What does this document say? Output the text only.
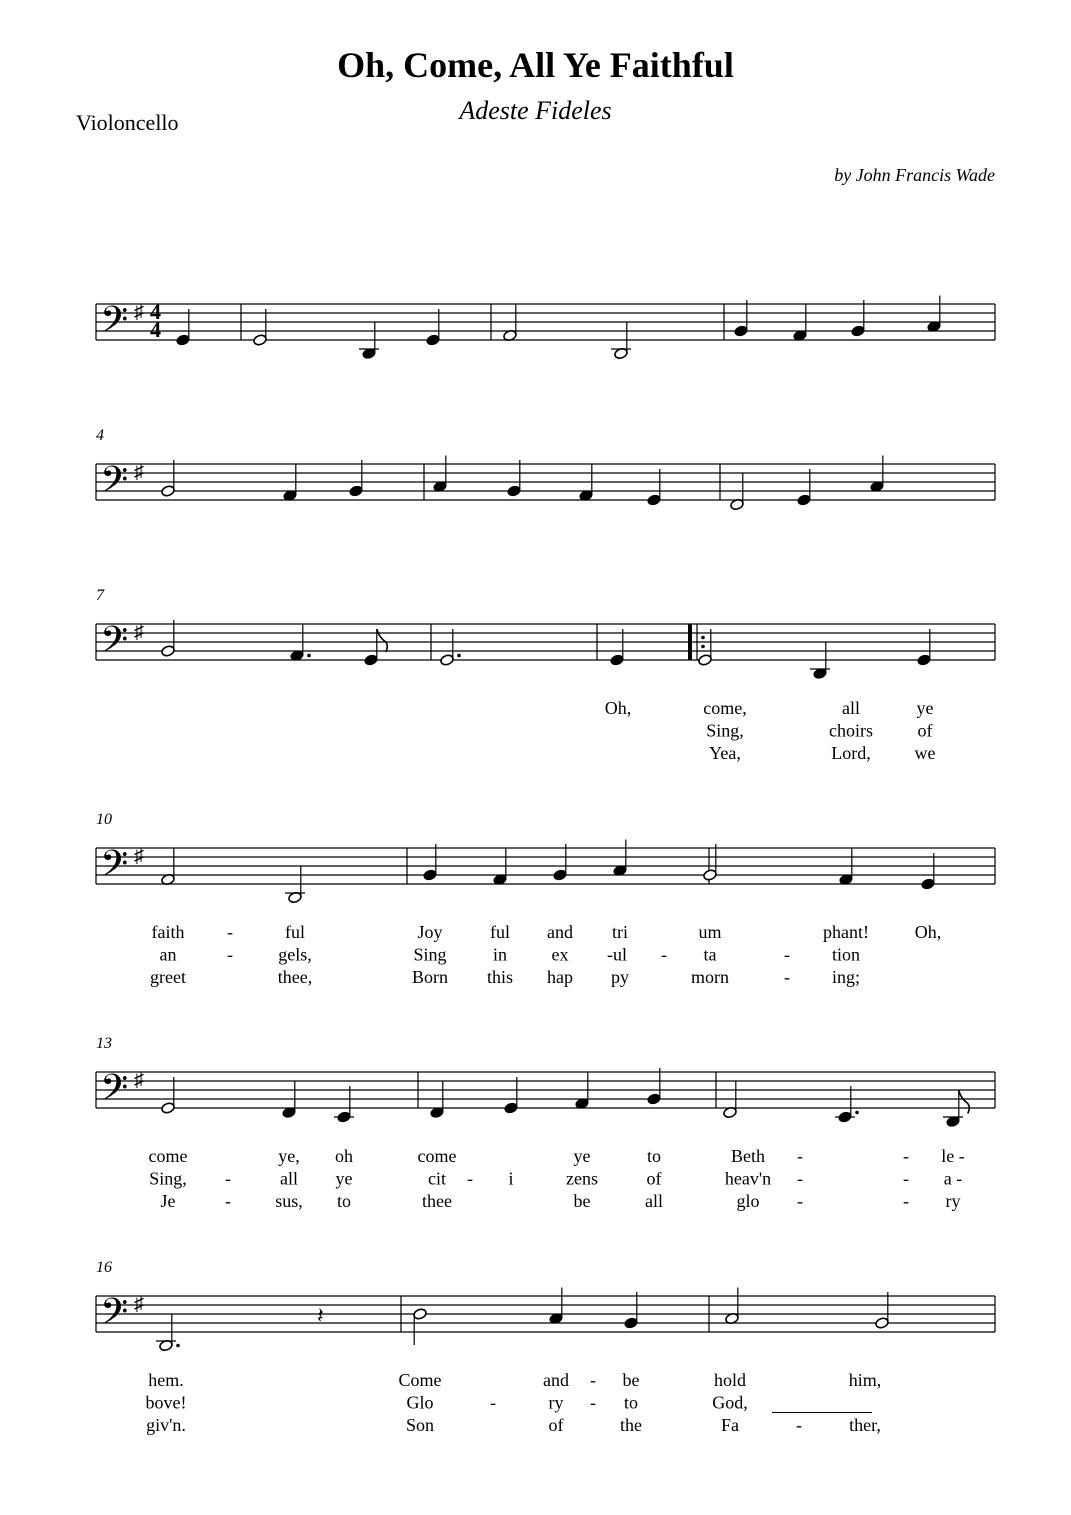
Oh, Come, All Ye Faithful
Adeste Fideles
Violoncello
by John Francis Wade
𝄢 ♯ 4
4
𝄢 ♯
4
𝄢 ♯
7
Oh,	come,	all	ye
Sing,	choirs of
Yea,	Lord, we
𝄢 ♯
10
faith	ful	Joy	ful and tri	um	phant!	Oh,
-
an	gels,	Sing	in ex ul	ta	tion
-	-	-	-
greet	thee,	Born this hap py	morn	ing;
-
𝄢 ♯
13
come	ye, oh	come	ye	to	Beth	le -
-	-
Sing,	all ye	cit	i	zens	of	heav'n	a -
-	-	-	-
Je	sus, to	thee	be	all	glo	ry
-	-	-
𝄢 ♯
16
𝄽
hem.	Come	and	be	hold	him,
-
bove!	Glo	ry	to	God,
-	-
giv'n.	Son	of	the	Fa	ther,
-
